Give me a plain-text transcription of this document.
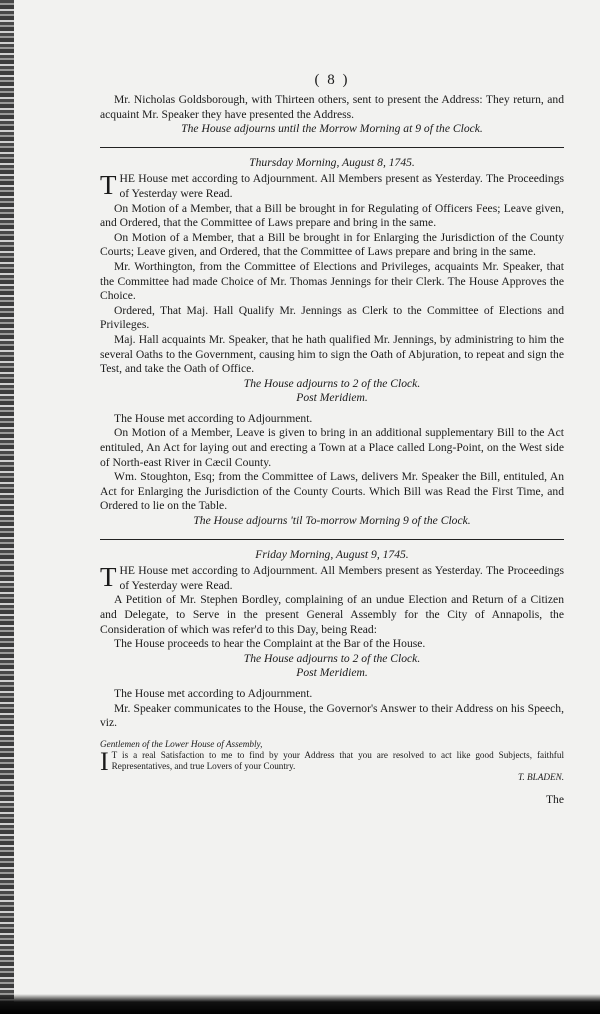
( 8 )

Mr. Nicholas Goldsborough, with Thirteen others, sent to present the Address: They return, and acquaint Mr. Speaker they have presented the Address.

The House adjourns until the Morrow Morning at 9 of the Clock.

Thursday Morning, August 8, 1745.

THE House met according to Adjournment. All Members present as Yesterday. The Proceedings of Yesterday were Read.

On Motion of a Member, that a Bill be brought in for Regulating of Officers Fees; Leave given, and Ordered, that the Committee of Laws prepare and bring in the same.

On Motion of a Member, that a Bill be brought in for Enlarging the Jurisdiction of the County Courts; Leave given, and Ordered, that the Committee of Laws prepare and bring in the same.

Mr. Worthington, from the Committee of Elections and Privileges, acquaints Mr. Speaker, that the Committee had made Choice of Mr. Thomas Jennings for their Clerk. The House Approves the Choice.

Ordered, That Maj. Hall Qualify Mr. Jennings as Clerk to the Committee of Elections and Privileges.

Maj. Hall acquaints Mr. Speaker, that he hath qualified Mr. Jennings, by administring to him the several Oaths to the Government, causing him to sign the Oath of Abjuration, to repeat and sign the Test, and take the Oath of Office.

The House adjourns to 2 of the Clock.

Post Meridiem.

The House met according to Adjournment.

On Motion of a Member, Leave is given to bring in an additional supplementary Bill to the Act entituled, An Act for laying out and erecting a Town at a Place called Long-Point, on the West side of North-east River in Cæcil County.

Wm. Stoughton, Esq; from the Committee of Laws, delivers Mr. Speaker the Bill, entituled, An Act for Enlarging the Jurisdiction of the County Courts. Which Bill was Read the First Time, and Ordered to lie on the Table.

The House adjourns 'til To-morrow Morning 9 of the Clock.

Friday Morning, August 9, 1745.

THE House met according to Adjournment. All Members present as Yesterday. The Proceedings of Yesterday were Read.

A Petition of Mr. Stephen Bordley, complaining of an undue Election and Return of a Citizen and Delegate, to Serve in the present General Assembly for the City of Annapolis, the Consideration of which was refer'd to this Day, being Read:

The House proceeds to hear the Complaint at the Bar of the House.

The House adjourns to 2 of the Clock.

Post Meridiem.

The House met according to Adjournment.

Mr. Speaker communicates to the House, the Governor's Answer to their Address on his Speech, viz.

Gentlemen of the Lower House of Assembly,

I T is a real Satisfaction to me to find by your Address that you are resolved to act like good Subjects, faithful Representatives, and true Lovers of your Country.

T. BLADEN.

The
